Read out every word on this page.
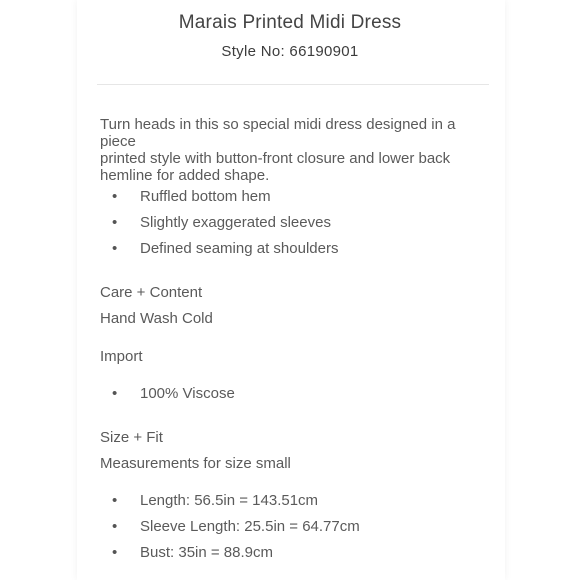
Marais Printed Midi Dress
Style No: 66190901
Turn heads in this so special midi dress designed in a piece
printed style with button-front closure and lower back
hemline for added shape.
• Ruffled bottom hem
• Slightly exaggerated sleeves
• Defined seaming at shoulders
Care + Content
Hand Wash Cold
Import
• 100% Viscose
Size + Fit
Measurements for size small
• Length: 56.5in = 143.51cm
• Sleeve Length: 25.5in = 64.77cm
• Bust: 35in = 88.9cm
